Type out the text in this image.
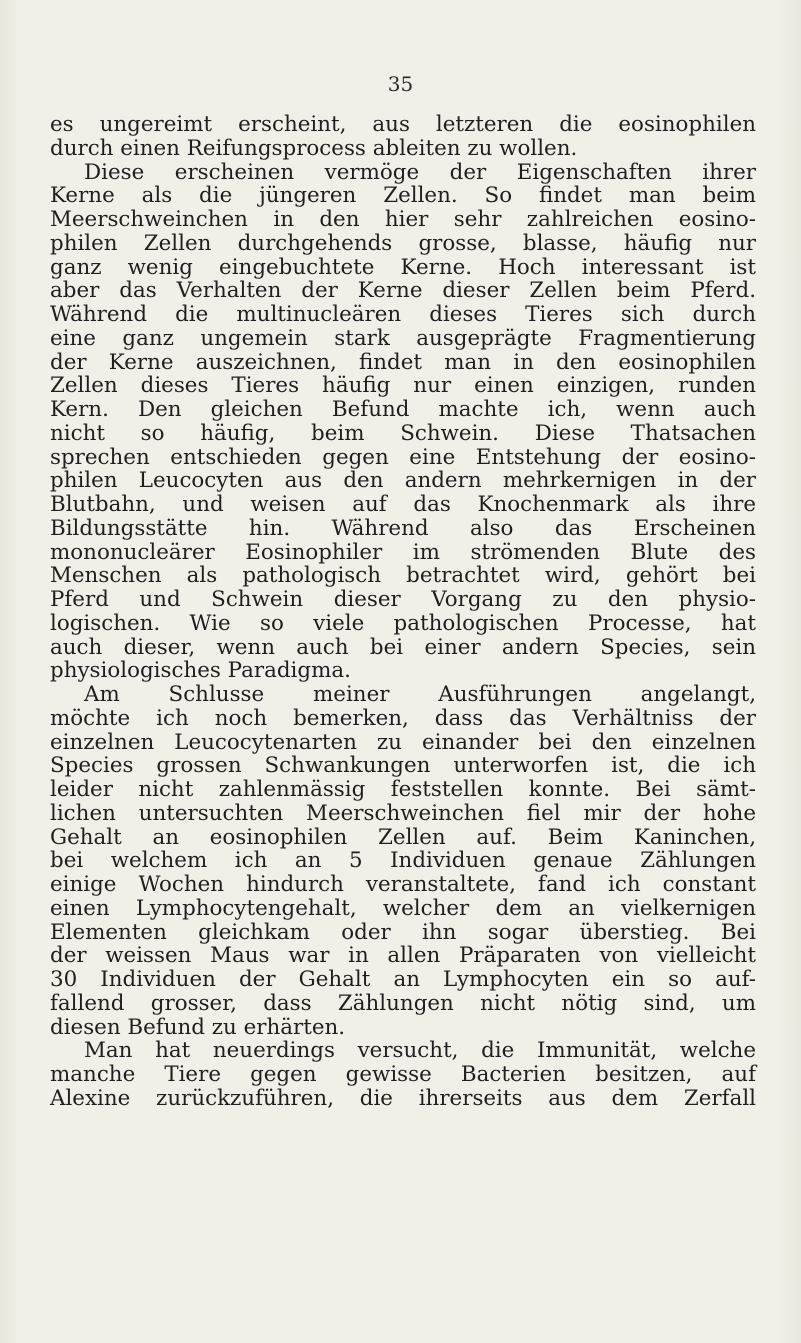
35
es ungereimt erscheint, aus letzteren die eosinophilen
durch einen Reifungsprocess ableiten zu wollen.
Diese erscheinen vermöge der Eigenschaften ihrer
Kerne als die jüngeren Zellen. So findet man beim
Meerschweinchen in den hier sehr zahlreichen eosino-
philen Zellen durchgehends grosse, blasse, häufig nur
ganz wenig eingebuchtete Kerne. Hoch interessant ist
aber das Verhalten der Kerne dieser Zellen beim Pferd.
Während die multinucleären dieses Tieres sich durch
eine ganz ungemein stark ausgeprägte Fragmentierung
der Kerne auszeichnen, findet man in den eosinophilen
Zellen dieses Tieres häufig nur einen einzigen, runden
Kern. Den gleichen Befund machte ich, wenn auch
nicht so häufig, beim Schwein. Diese Thatsachen
sprechen entschieden gegen eine Entstehung der eosino-
philen Leucocyten aus den andern mehrkernigen in der
Blutbahn, und weisen auf das Knochenmark als ihre
Bildungsstätte hin. Während also das Erscheinen
mononucleärer Eosinophiler im strömenden Blute des
Menschen als pathologisch betrachtet wird, gehört bei
Pferd und Schwein dieser Vorgang zu den physio-
logischen. Wie so viele pathologischen Processe, hat
auch dieser, wenn auch bei einer andern Species, sein
physiologisches Paradigma.
Am Schlusse meiner Ausführungen angelangt,
möchte ich noch bemerken, dass das Verhältniss der
einzelnen Leucocytenarten zu einander bei den einzelnen
Species grossen Schwankungen unterworfen ist, die ich
leider nicht zahlenmässig feststellen konnte. Bei sämt-
lichen untersuchten Meerschweinchen fiel mir der hohe
Gehalt an eosinophilen Zellen auf. Beim Kaninchen,
bei welchem ich an 5 Individuen genaue Zählungen
einige Wochen hindurch veranstaltete, fand ich constant
einen Lymphocytengehalt, welcher dem an vielkernigen
Elementen gleichkam oder ihn sogar überstieg. Bei
der weissen Maus war in allen Präparaten von vielleicht
30 Individuen der Gehalt an Lymphocyten ein so auf-
fallend grosser, dass Zählungen nicht nötig sind, um
diesen Befund zu erhärten.
Man hat neuerdings versucht, die Immunität, welche
manche Tiere gegen gewisse Bacterien besitzen, auf
Alexine zurückzuführen, die ihrerseits aus dem Zerfall
